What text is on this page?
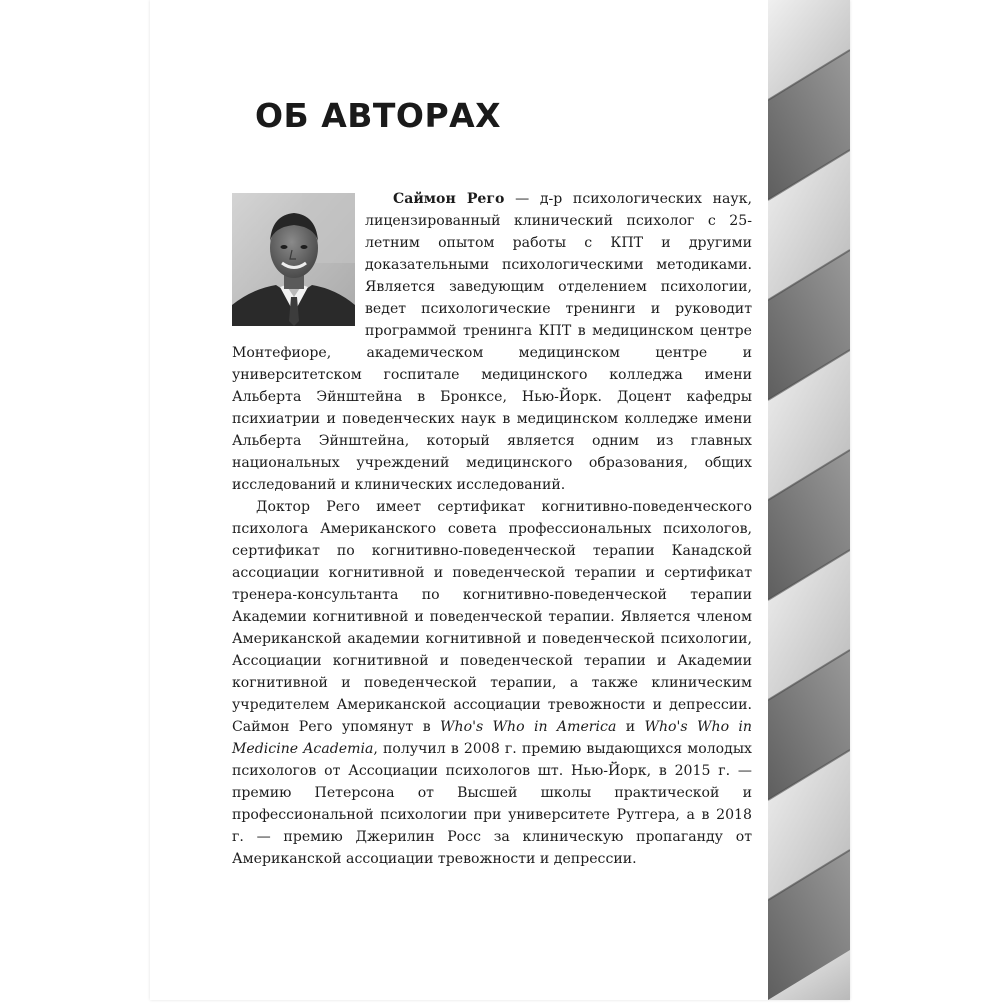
ОБ АВТОРАХ

Саймон Рего — д-р психологических наук, лицензированный клинический психолог с 25-летним опытом работы с КПТ и другими доказательными психологическими методиками. Является заведующим отделением психологии, ведет психологические тренинги и руководит программой тренинга КПТ в медицинском центре Монтефиоре, академическом медицинском центре и университетском госпитале медицинского колледжа имени Альберта Эйнштейна в Бронксе, Нью-Йорк. Доцент кафедры психиатрии и поведенческих наук в медицинском колледже имени Альберта Эйнштейна, который является одним из главных национальных учреждений медицинского образования, общих исследований и клинических исследований.

Доктор Рего имеет сертификат когнитивно-поведенческого психолога Американского совета профессиональных психологов, сертификат по когнитивно-поведенческой терапии Канадской ассоциации когнитивной и поведенческой терапии и сертификат тренера-консультанта по когнитивно-поведенческой терапии Академии когнитивной и поведенческой терапии. Является членом Американской академии когнитивной и поведенческой психологии, Ассоциации когнитивной и поведенческой терапии и Академии когнитивной и поведенческой терапии, а также клиническим учредителем Американской ассоциации тревожности и депрессии. Саймон Рего упомянут в Who's Who in America и Who's Who in Medicine Academia, получил в 2008 г. премию выдающихся молодых психологов от Ассоциации психологов шт. Нью-Йорк, в 2015 г. — премию Петерсона от Высшей школы практической и профессиональной психологии при университете Рутгера, а в 2018 г. — премию Джерилин Росс за клиническую пропаганду от Американской ассоциации тревожности и депрессии.
